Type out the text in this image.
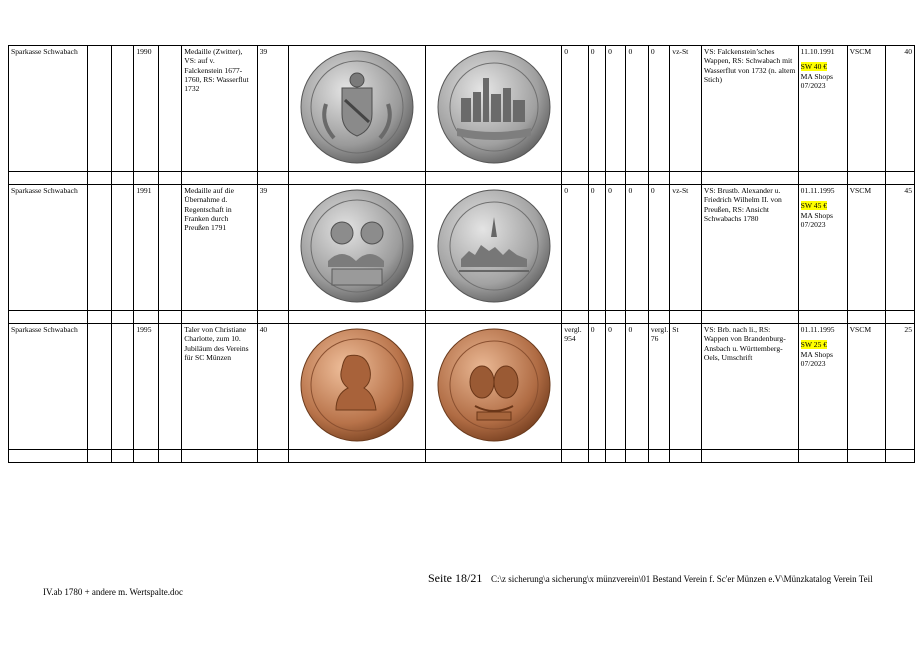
Sparkasse Schwabach			1990		Medaille (Zwitter), VS: auf v. Falckenstein 1677-1760, RS: Wasserflut 1732	39			0	0	0	0	0	vz-St	VS: Falckenstein’sches Wappen, RS: Schwabach mit Wasserflut von 1732 (n. altem Stich)	11.10.1991
SW 40 €
MA Shops 07/2023	VSCM	40

Sparkasse Schwabach			1991		Medaille auf die Übernahme d. Regentschaft in Franken durch Preußen 1791	39			0	0	0	0	0	vz-St	VS: Brustb. Alexander u. Friedrich Wilhelm II. von Preußen, RS: Ansicht Schwabachs 1780	01.11.1995
SW 45 €
MA Shops 07/2023	VSCM	45

Sparkasse Schwabach			1995		Taler von Christiane Charlotte, zum 10. Jubiläum des Vereins für SC Münzen	40			vergl. 954	0	0	0	vergl. 76	St	VS: Brb. nach li., RS: Wappen von Brandenburg-Ansbach u. Württemberg-Oels, Umschrift	01.11.1995
SW 25 €
MA Shops 07/2023	VSCM	25

Seite 18/21 C:\z sicherung\a sicherung\x münzverein\01 Bestand Verein f. Sc'er Münzen e.V\Münzkatalog Verein Teil
IV.ab 1780 + andere m. Wertspalte.doc
